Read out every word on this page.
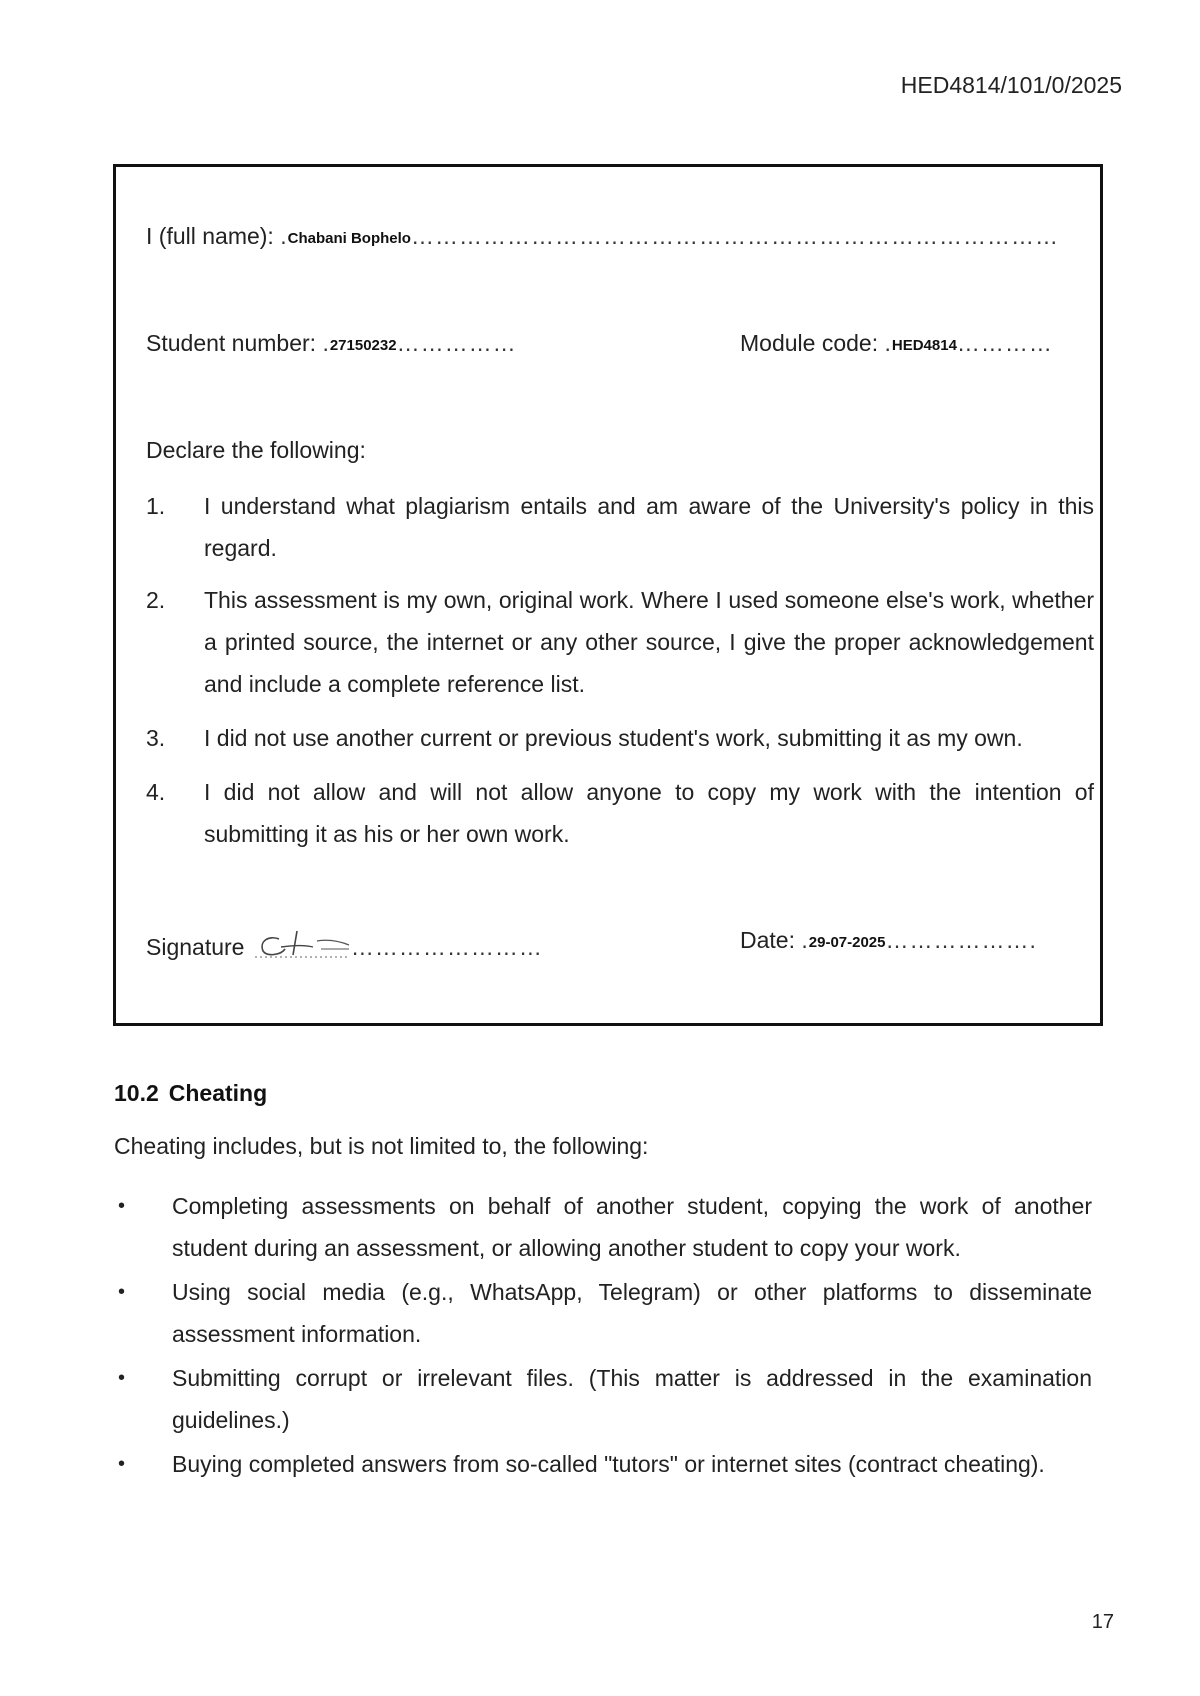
HED4814/101/0/2025
I (full name): .Chabani Bophelo………………………………………………………………………
Student number: .27150232……………	Module code: .HED4814…………
Declare the following:
1. I understand what plagiarism entails and am aware of the University's policy in this regard.
2. This assessment is my own, original work. Where I used someone else's work, whether a printed source, the internet or any other source, I give the proper acknowledgement and include a complete reference list.
3. I did not use another current or previous student's work, submitting it as my own.
4. I did not allow and will not allow anyone to copy my work with the intention of submitting it as his or her own work.
Signature	……………………	Date: .29-07-2025……………….
10.2 Cheating
Cheating includes, but is not limited to, the following:
• Completing assessments on behalf of another student, copying the work of another student during an assessment, or allowing another student to copy your work.
• Using social media (e.g., WhatsApp, Telegram) or other platforms to disseminate assessment information.
• Submitting corrupt or irrelevant files. (This matter is addressed in the examination guidelines.)
• Buying completed answers from so-called "tutors" or internet sites (contract cheating).
17
